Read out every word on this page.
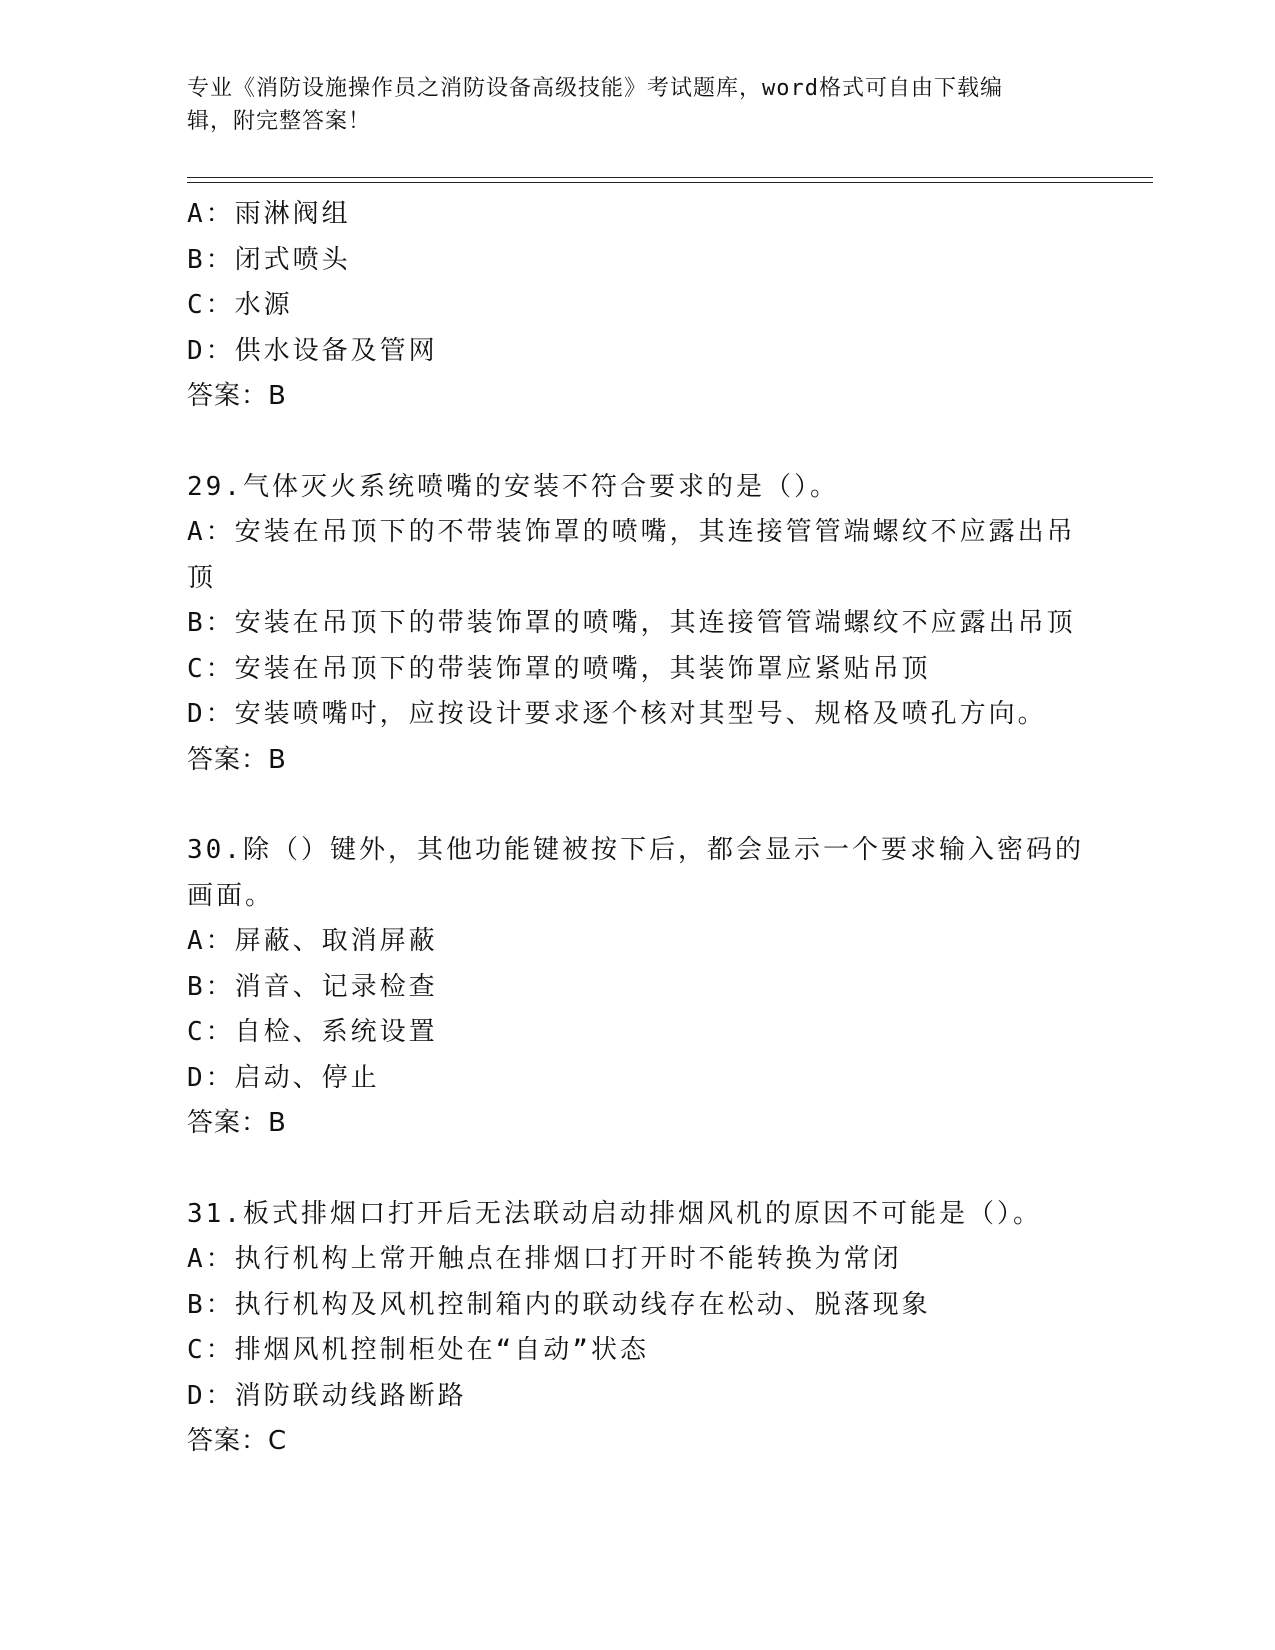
专业《消防设施操作员之消防设备高级技能》考试题库，word格式可自由下载编
辑，附完整答案！
A：雨淋阀组
B：闭式喷头
C：水源
D：供水设备及管网
答案：B
29.气体灭火系统喷嘴的安装不符合要求的是（）。
A：安装在吊顶下的不带装饰罩的喷嘴，其连接管管端螺纹不应露出吊
顶
B：安装在吊顶下的带装饰罩的喷嘴，其连接管管端螺纹不应露出吊顶
C：安装在吊顶下的带装饰罩的喷嘴，其装饰罩应紧贴吊顶
D：安装喷嘴吋，应按设计要求逐个核对其型号、规格及喷孔方向。
答案：B
30.除（）键外，其他功能键被按下后，都会显示一个要求输入密码的
画面。
A：屏蔽、取消屏蔽
B：消音、记录检查
C：自检、系统设置
D：启动、停止
答案：B
31.板式排烟口打开后无法联动启动排烟风机的原因不可能是（）。
A：执行机构上常开触点在排烟口打开时不能转换为常闭
B：执行机构及风机控制箱内的联动线存在松动、脱落现象
C：排烟风机控制柜处在“自动”状态
D：消防联动线路断路
答案：C
